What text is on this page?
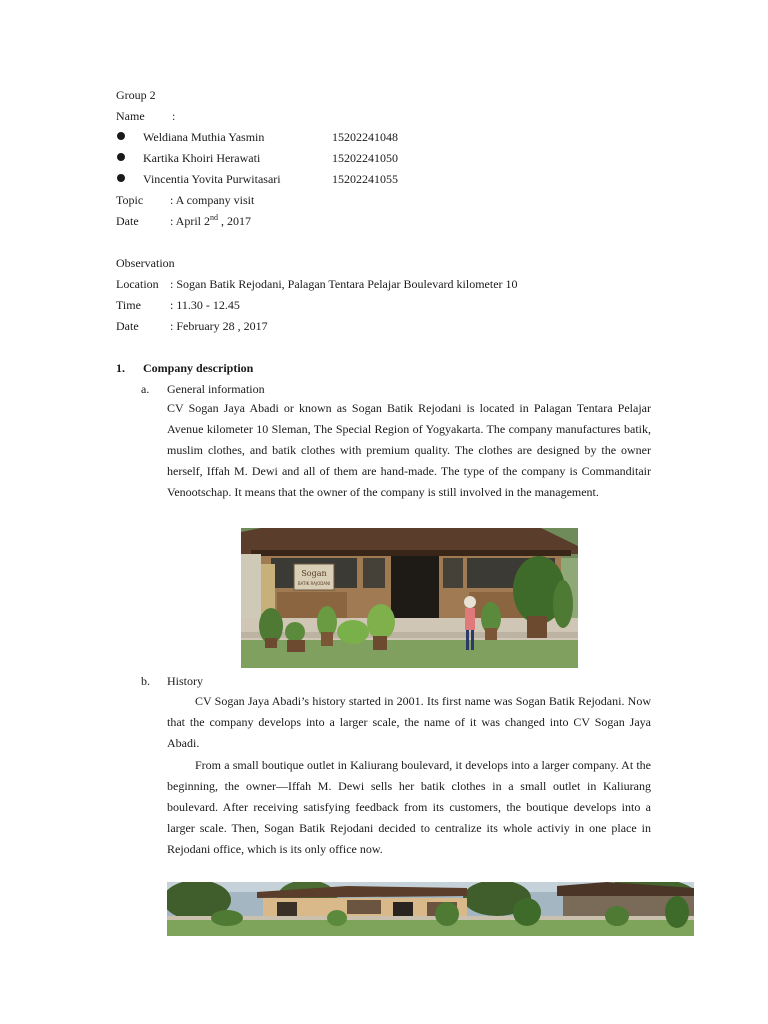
Group 2
Name :
Weldiana Muthia Yasmin	15202241048
Kartika Khoiri Herawati	15202241050
Vincentia Yovita Purwitasari	15202241055
Topic : A company visit
Date	: April 2nd , 2017
Observation
Location : Sogan Batik Rejodani, Palagan Tentara Pelajar Boulevard kilometer 10
Time : 11.30 - 12.45
Date	: February 28 , 2017
1. Company description
a. General information

CV Sogan Jaya Abadi or known as Sogan Batik Rejodani is located in Palagan Tentara Pelajar Avenue kilometer 10 Sleman, The Special Region of Yogyakarta. The company manufactures batik, muslim clothes, and batik clothes with premium quality. The clothes are designed by the owner herself, Iffah M. Dewi and all of them are hand-made. The type of the company is Commanditair Venootschap. It means that the owner of the company is still involved in the management.

Sogan
BATIK RAJODANI
b. History

CV Sogan Jaya Abadi’s history started in 2001. Its first name was Sogan Batik Rejodani. Now that the company develops into a larger scale, the name of it was changed into CV Sogan Jaya Abadi.

From a small boutique outlet in Kaliurang boulevard, it develops into a larger company. At the beginning, the owner—Iffah M. Dewi sells her batik clothes in a small outlet in Kaliurang boulevard. After receiving satisfying feedback from its customers, the boutique develops into a larger scale. Then, Sogan Batik Rejodani decided to centralize its whole activiy in one place in Rejodani office, which is its only office now.
